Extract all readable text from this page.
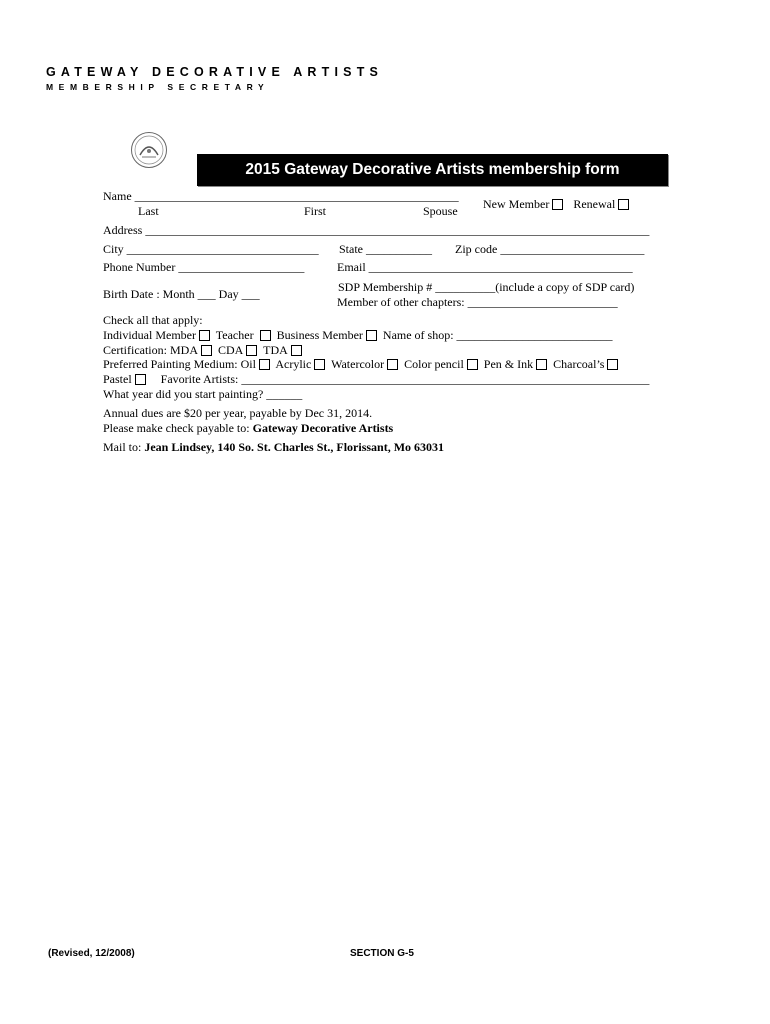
GATEWAY DECORATIVE ARTISTS
MEMBERSHIP SECRETARY
2015 Gateway Decorative Artists membership form
Name ______________________________________________________
Last	First	Spouse New Member Renewal
Address ____________________________________________________________________________________
City ________________________________ State ___________ Zip code ________________________
Phone Number _____________________	Email ____________________________________________
SDP Membership # __________(include a copy of SDP card)
Birth Date : Month ___ Day ___
Member of other chapters: _________________________
Check all that apply:
Individual Member Teacher Business Member Name of shop: __________________________
Certification: MDA CDA TDA
Preferred Painting Medium: Oil Acrylic Watercolor Color pencil Pen & Ink Charcoal’s
Pastel Favorite Artists: ____________________________________________________________________
What year did you start painting? ______
Annual dues are $20 per year, payable by Dec 31, 2014.
Please make check payable to: Gateway Decorative Artists
Mail to: Jean Lindsey, 140 So. St. Charles St., Florissant, Mo 63031
(Revised, 12/2008)	SECTION G-5
